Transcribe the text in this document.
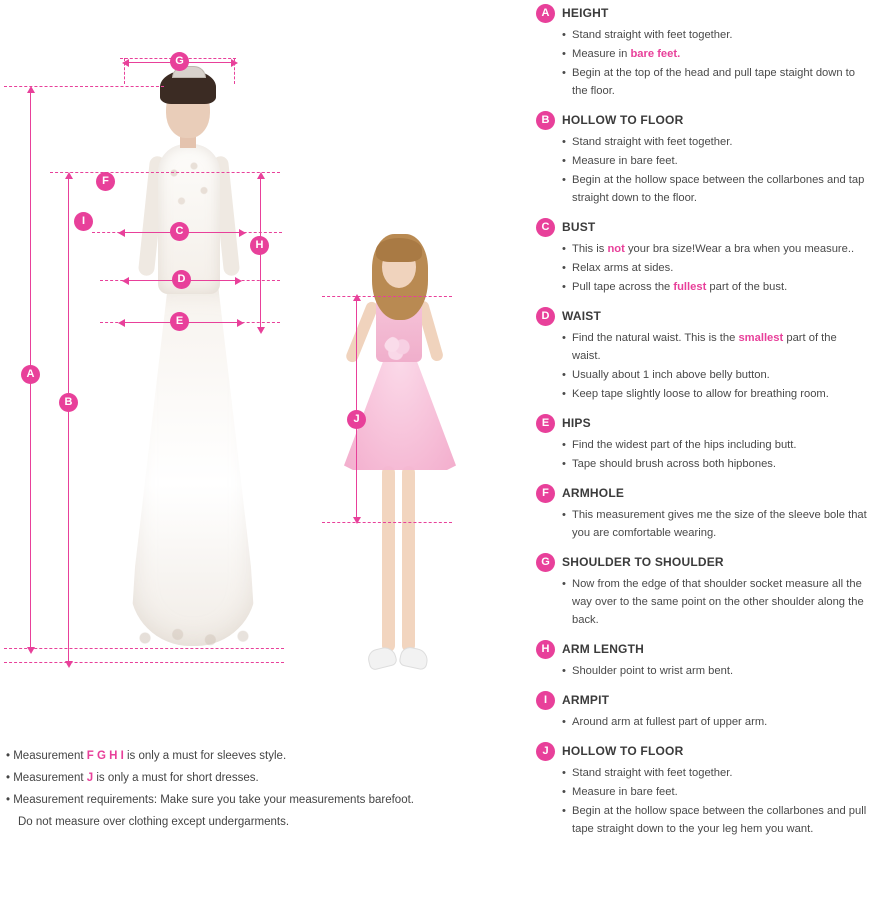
A
B
C
D
E
F
G
H
I
J
• Measurement F G H I is only a must for sleeves style.
• Measurement J is only a must for short dresses.
• Measurement requirements: Make sure you take your measurements barefoot.
Do not measure over clothing except undergarments.
A	HEIGHT
• Stand straight with feet together.
• Measure in bare feet.
• Begin at the top of the head and pull tape staight down to the floor.
B	HOLLOW TO FLOOR
• Stand straight with feet together.
• Measure in bare feet.
• Begin at the hollow space between the collarbones and tap straight down to the floor.
C	BUST
• This is not your bra size!Wear a bra when you measure..
• Relax arms at sides.
• Pull tape across the fullest part of the bust.
D	WAIST
• Find the natural waist. This is the smallest part of the waist.
• Usually about 1 inch above belly button.
• Keep tape slightly loose to allow for breathing room.
E	HIPS
• Find the widest part of the hips including butt.
• Tape should brush across both hipbones.
F	ARMHOLE
• This measurement gives me the size of the sleeve bole that you are comfortable wearing.
G	SHOULDER TO SHOULDER
• Now from the edge of that shoulder socket measure all the way over to the same point on the other shoulder along the back.
H	ARM LENGTH
• Shoulder point to wrist arm bent.
I	ARMPIT
• Around arm at fullest part of upper arm.
J	HOLLOW TO FLOOR
• Stand straight with feet together.
• Measure in bare feet.
• Begin at the hollow space between the collarbones and pull tape straight down to the your leg hem you want.
